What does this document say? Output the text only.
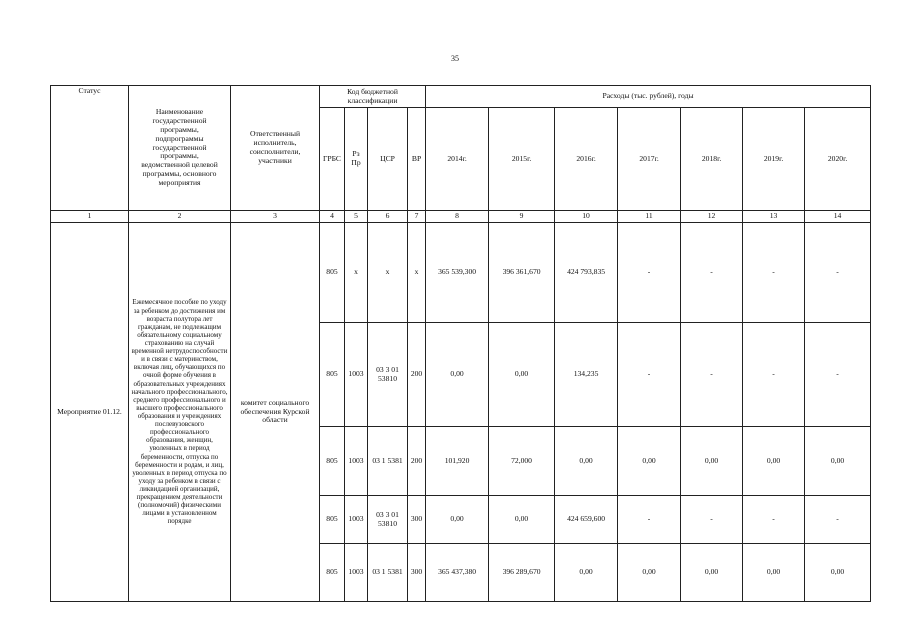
35
Статус	Наименование государственной программы, подпрограммы государственной программы, ведомственной целевой программы, основного мероприятия	Ответственный исполнитель, соисполнители, участники	Код бюджетной классификации				Расходы (тыс. рублей), годы						
			ГРБС	Рз Пр	ЦСР	ВР	2014г.	2015г.	2016г.	2017г.	2018г.	2019г.	2020г.
1	2	3	4	5	6	7	8	9	10	11	12	13	14
Мероприятие 01.12.	Ежемесячное пособие по уходу за ребенком до достижения им возраста полутора лет гражданам, не подлежащим обязательному социальному страхованию на случай временной нетрудоспособности и в связи с материнством, включая лиц, обучающихся по очной форме обучения в образовательных учреждениях начального профессионального, среднего профессионального и высшего профессионального образования и учреждениях послевузовского профессионального образования, женщин, уволенных в период беременности, отпуска по беременности и родам, и лиц, уволенных в период отпуска по уходу за ребенком в связи с ликвидацией организаций, прекращением деятельности (полномочий) физическими лицами в установленном порядке	комитет социального обеспечения Курской области	805	х	х	х	365 539,300	396 361,670	424 793,835	-	-	-	-
			805	1003	03 3 01 53810	200	0,00	0,00	134,235	-	-	-	-
			805	1003	03 1 5381	200	101,920	72,000	0,00	0,00	0,00	0,00	0,00
			805	1003	03 3 01 53810	300	0,00	0,00	424 659,600	-	-	-	-
			805	1003	03 1 5381	300	365 437,380	396 289,670	0,00	0,00	0,00	0,00	0,00
